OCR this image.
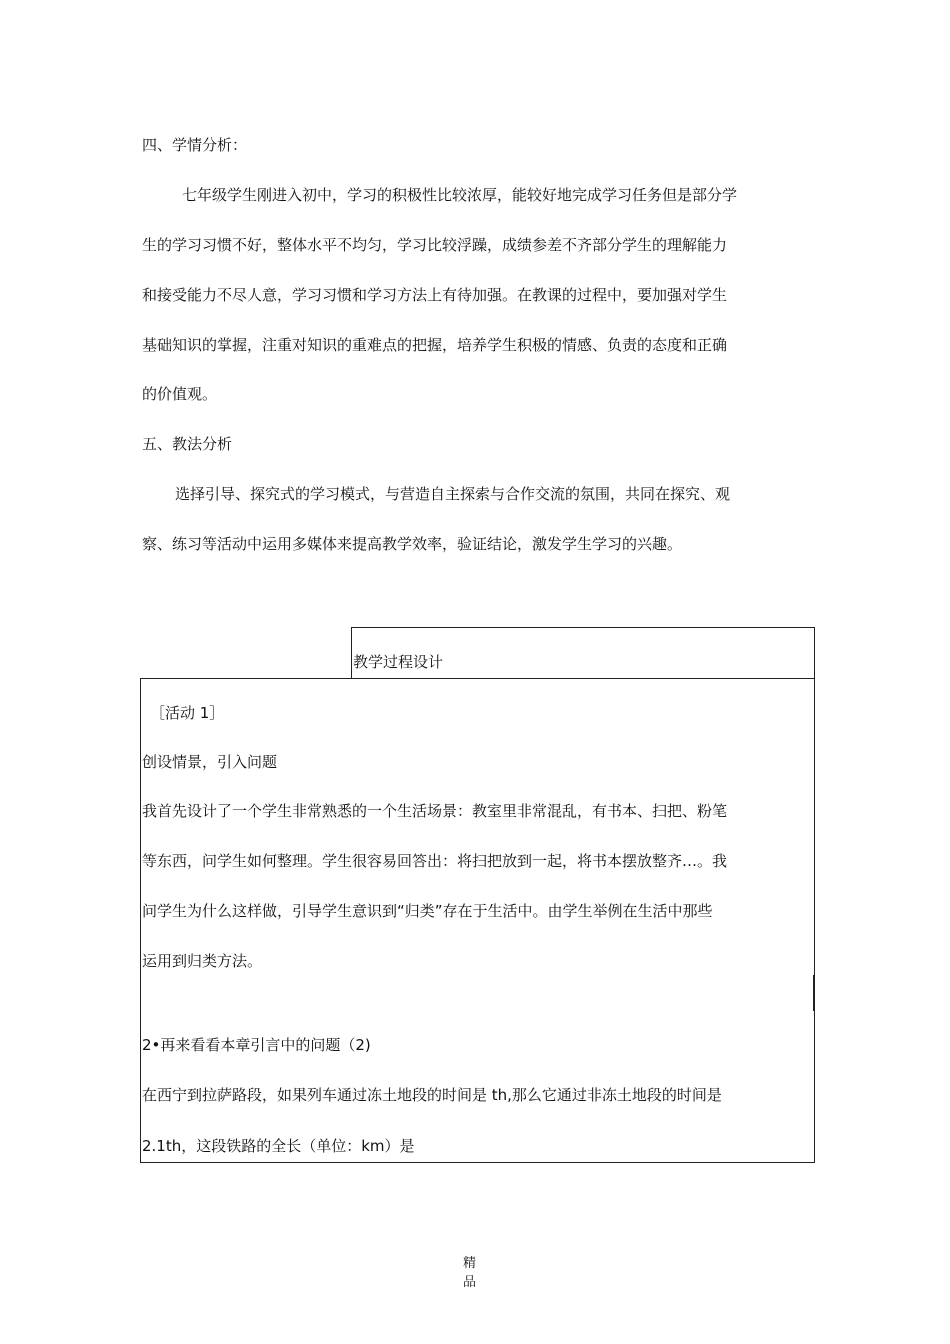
四、学情分析：
七年级学生刚进入初中，学习的积极性比较浓厚，能较好地完成学习任务但是部分学
生的学习习惯不好，整体水平不均匀，学习比较浮躁，成绩参差不齐部分学生的理解能力
和接受能力不尽人意，学习习惯和学习方法上有待加强。在教课的过程中，要加强对学生
基础知识的掌握，注重对知识的重难点的把握，培养学生积极的情感、负责的态度和正确
的价值观。
五、教法分析
选择引导、探究式的学习模式，与营造自主探索与合作交流的氛围，共同在探究、观
察、练习等活动中运用多媒体来提高教学效率，验证结论，激发学生学习的兴趣。
教学过程设计
［活动 1］
创设情景，引入问题
我首先设计了一个学生非常熟悉的一个生活场景：教室里非常混乱，有书本、扫把、粉笔
等东西，问学生如何整理。学生很容易回答出：将扫把放到一起，将书本摆放整齐…。我
问学生为什么这样做，引导学生意识到“归类”存在于生活中。由学生举例在生活中那些
运用到归类方法。
2•再来看看本章引言中的问题（2)
在西宁到拉萨路段，如果列车通过冻土地段的时间是 th,那么它通过非冻土地段的时间是
2.1th，这段铁路的全长（单位：km）是
精
品
